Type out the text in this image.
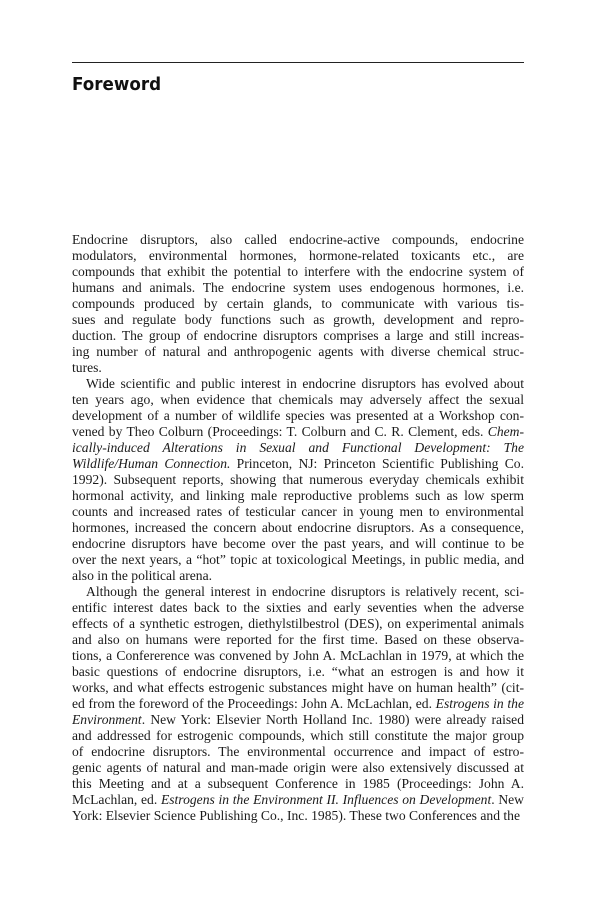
Foreword
Endocrine disruptors, also called endocrine-active compounds, endocrine
modulators, environmental hormones, hormone-related toxicants etc., are
compounds that exhibit the potential to interfere with the endocrine system of
humans and animals. The endocrine system uses endogenous hormones, i.e.
compounds produced by certain glands, to communicate with various tis-
sues and regulate body functions such as growth, development and repro-
duction. The group of endocrine disruptors comprises a large and still increas-
ing number of natural and anthropogenic agents with diverse chemical struc-
tures.
Wide scientific and public interest in endocrine disruptors has evolved about
ten years ago, when evidence that chemicals may adversely affect the sexual
development of a number of wildlife species was presented at a Workshop con-
vened by Theo Colburn (Proceedings: T. Colburn and C. R. Clement, eds. Chem-
ically-induced Alterations in Sexual and Functional Development: The
Wildlife/Human Connection. Princeton, NJ: Princeton Scientific Publishing Co.
1992). Subsequent reports, showing that numerous everyday chemicals exhibit
hormonal activity, and linking male reproductive problems such as low sperm
counts and increased rates of testicular cancer in young men to environmental
hormones, increased the concern about endocrine disruptors. As a consequence,
endocrine disruptors have become over the past years, and will continue to be
over the next years, a “hot” topic at toxicological Meetings, in public media, and
also in the political arena.
Although the general interest in endocrine disruptors is relatively recent, sci-
entific interest dates back to the sixties and early seventies when the adverse
effects of a synthetic estrogen, diethylstilbestrol (DES), on experimental animals
and also on humans were reported for the first time. Based on these observa-
tions, a Confererence was convened by John A. McLachlan in 1979, at which the
basic questions of endocrine disruptors, i.e. “what an estrogen is and how it
works, and what effects estrogenic substances might have on human health” (cit-
ed from the foreword of the Proceedings: John A. McLachlan, ed. Estrogens in the
Environment. New York: Elsevier North Holland Inc. 1980) were already raised
and addressed for estrogenic compounds, which still constitute the major group
of endocrine disruptors. The environmental occurrence and impact of estro-
genic agents of natural and man-made origin were also extensively discussed at
this Meeting and at a subsequent Conference in 1985 (Proceedings: John A.
McLachlan, ed. Estrogens in the Environment II. Influences on Development. New
York: Elsevier Science Publishing Co., Inc. 1985). These two Conferences and the
